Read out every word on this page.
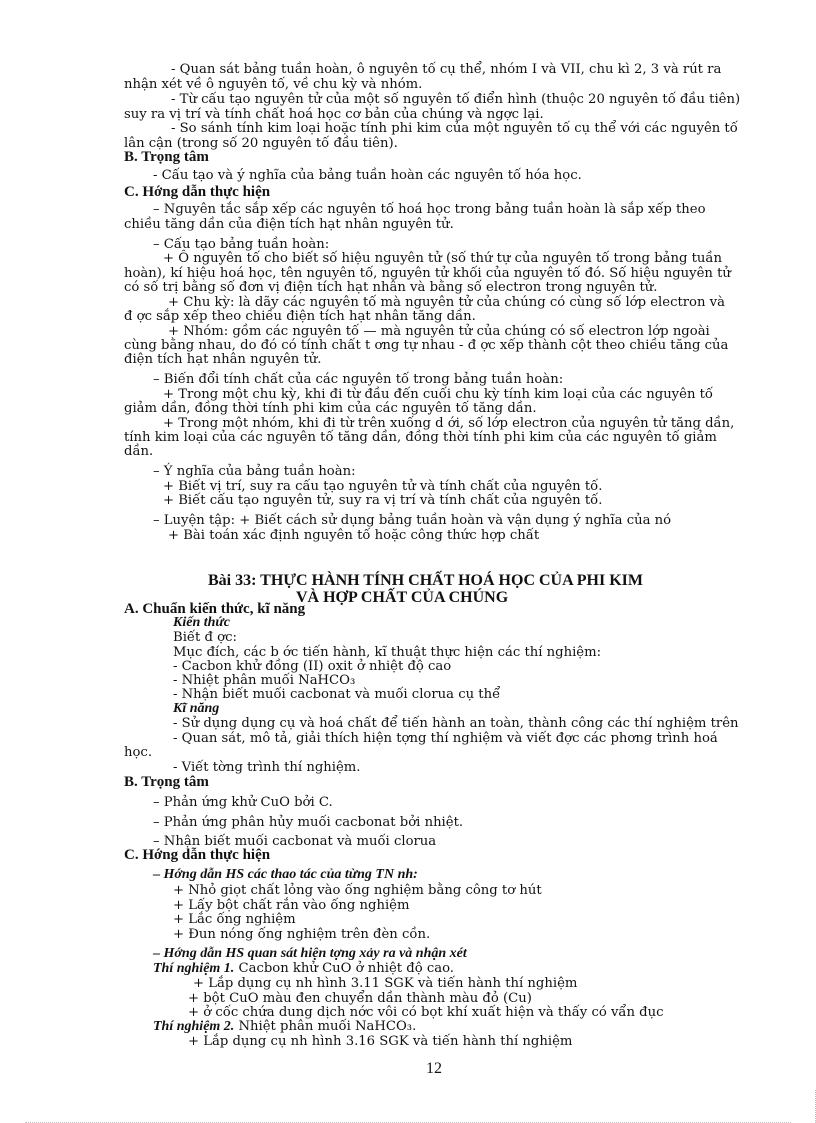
- Quan sát bảng tuần hoàn, ô nguyên tố cụ thể, nhóm I và VII, chu kì 2, 3 và rút ra
nhận xét về ô nguyên tố, về chu kỳ và nhóm.
- Từ cấu tạo nguyên tử của một số nguyên tố điển hình (thuộc 20 nguyên tố đầu tiên)
suy ra vị trí và tính chất hoá học cơ bản của chúng và ngợc lại.
- So sánh tính kim loại hoặc tính phi kim của một nguyên tố cụ thể với các nguyên tố
lân cận (trong số 20 nguyên tố đầu tiên).
B. Trọng tâm
- Cấu tạo và ý nghĩa của bảng tuần hoàn các nguyên tố hóa học.
C. Hớng dẫn thực hiện
– Nguyên tắc sắp xếp các nguyên tố hoá học trong bảng tuần hoàn là sắp xếp theo
chiều tăng dần của điện tích hạt nhân nguyên tử.
– Cấu tạo bảng tuần hoàn:
+ Ô nguyên tố cho biết số hiệu nguyên tử (số thứ tự của nguyên tố trong bảng tuần
hoàn), kí hiệu hoá học, tên nguyên tố, nguyên tử khối của nguyên tố đó. Số hiệu nguyên tử
có số trị bằng số đơn vị điện tích hạt nhân và bằng số electron trong nguyên tử.
+ Chu kỳ: là dãy các nguyên tố mà nguyên tử của chúng có cùng số lớp electron và
đ ợc sắp xếp theo chiều điện tích hạt nhân tăng dần.
+ Nhóm: gồm các nguyên tố — mà nguyên tử của chúng có số electron lớp ngoài
cùng bằng nhau, do đó có tính chất t ơng tự nhau - đ ợc xếp thành cột theo chiều tăng của
điện tích hạt nhân nguyên tử.
– Biến đổi tính chất của các nguyên tố trong bảng tuần hoàn:
+ Trong một chu kỳ, khi đi từ đầu đến cuối chu kỳ tính kim loại của các nguyên tố
giảm dần, đồng thời tính phi kim của các nguyên tố tăng dần.
+ Trong một nhóm, khi đi từ trên xuống d ới, số lớp electron của nguyên tử tăng dần,
tính kim loại của các nguyên tố tăng dần, đồng thời tính phi kim của các nguyên tố giảm
dần.
– Ý nghĩa của bảng tuần hoàn:
+ Biết vị trí, suy ra cấu tạo nguyên tử và tính chất của nguyên tố.
+ Biết cấu tạo nguyên tử, suy ra vị trí và tính chất của nguyên tố.
– Luyện tập: + Biết cách sử dụng bảng tuần hoàn và vận dụng ý nghĩa của nó
+ Bài toán xác định nguyên tố hoặc công thức hợp chất
Bài 33: THỰC HÀNH TÍNH CHẤT HOÁ HỌC CỦA PHI KIM
VÀ HỢP CHẤT CỦA CHÚNG
A. Chuẩn kiến thức, kĩ năng
Kiến thức
Biết đ ợc:
Mục đích, các b ớc tiến hành, kĩ thuật thực hiện các thí nghiệm:
- Cacbon khử đồng (II) oxit ở nhiệt độ cao
- Nhiệt phân muối NaHCO₃
- Nhận biết muối cacbonat và muối clorua cụ thể
Kĩ năng
- Sử dụng dụng cụ và hoá chất để tiến hành an toàn, thành công các thí nghiệm trên
- Quan sát, mô tả, giải thích hiện tợng thí nghiệm và viết đợc các phơng trình hoá
học.
- Viết tờng trình thí nghiệm.
B. Trọng tâm
– Phản ứng khử CuO bởi C.
– Phản ứng phân hủy muối cacbonat bởi nhiệt.
– Nhận biết muối cacbonat và muối clorua
C. Hớng dẫn thực hiện
– Hớng dẫn HS các thao tác của từng TN nh:
+ Nhỏ giọt chất lỏng vào ống nghiệm bằng công tơ hút
+ Lấy bột chất rắn vào ống nghiệm
+ Lắc ống nghiệm
+ Đun nóng ống nghiệm trên đèn cồn.
– Hớng dẫn HS quan sát hiện tợng xảy ra và nhận xét
Thí nghiệm 1. Cacbon khử CuO ở nhiệt độ cao.
+ Lắp dụng cụ nh hình 3.11 SGK và tiến hành thí nghiệm
+ bột CuO màu đen chuyển dần thành màu đỏ (Cu)
+ ở cốc chứa dung dịch nớc vôi có bọt khí xuất hiện và thấy có vẩn đục
Thí nghiệm 2. Nhiệt phân muối NaHCO₃.
+ Lắp dụng cụ nh hình 3.16 SGK và tiến hành thí nghiệm
12
